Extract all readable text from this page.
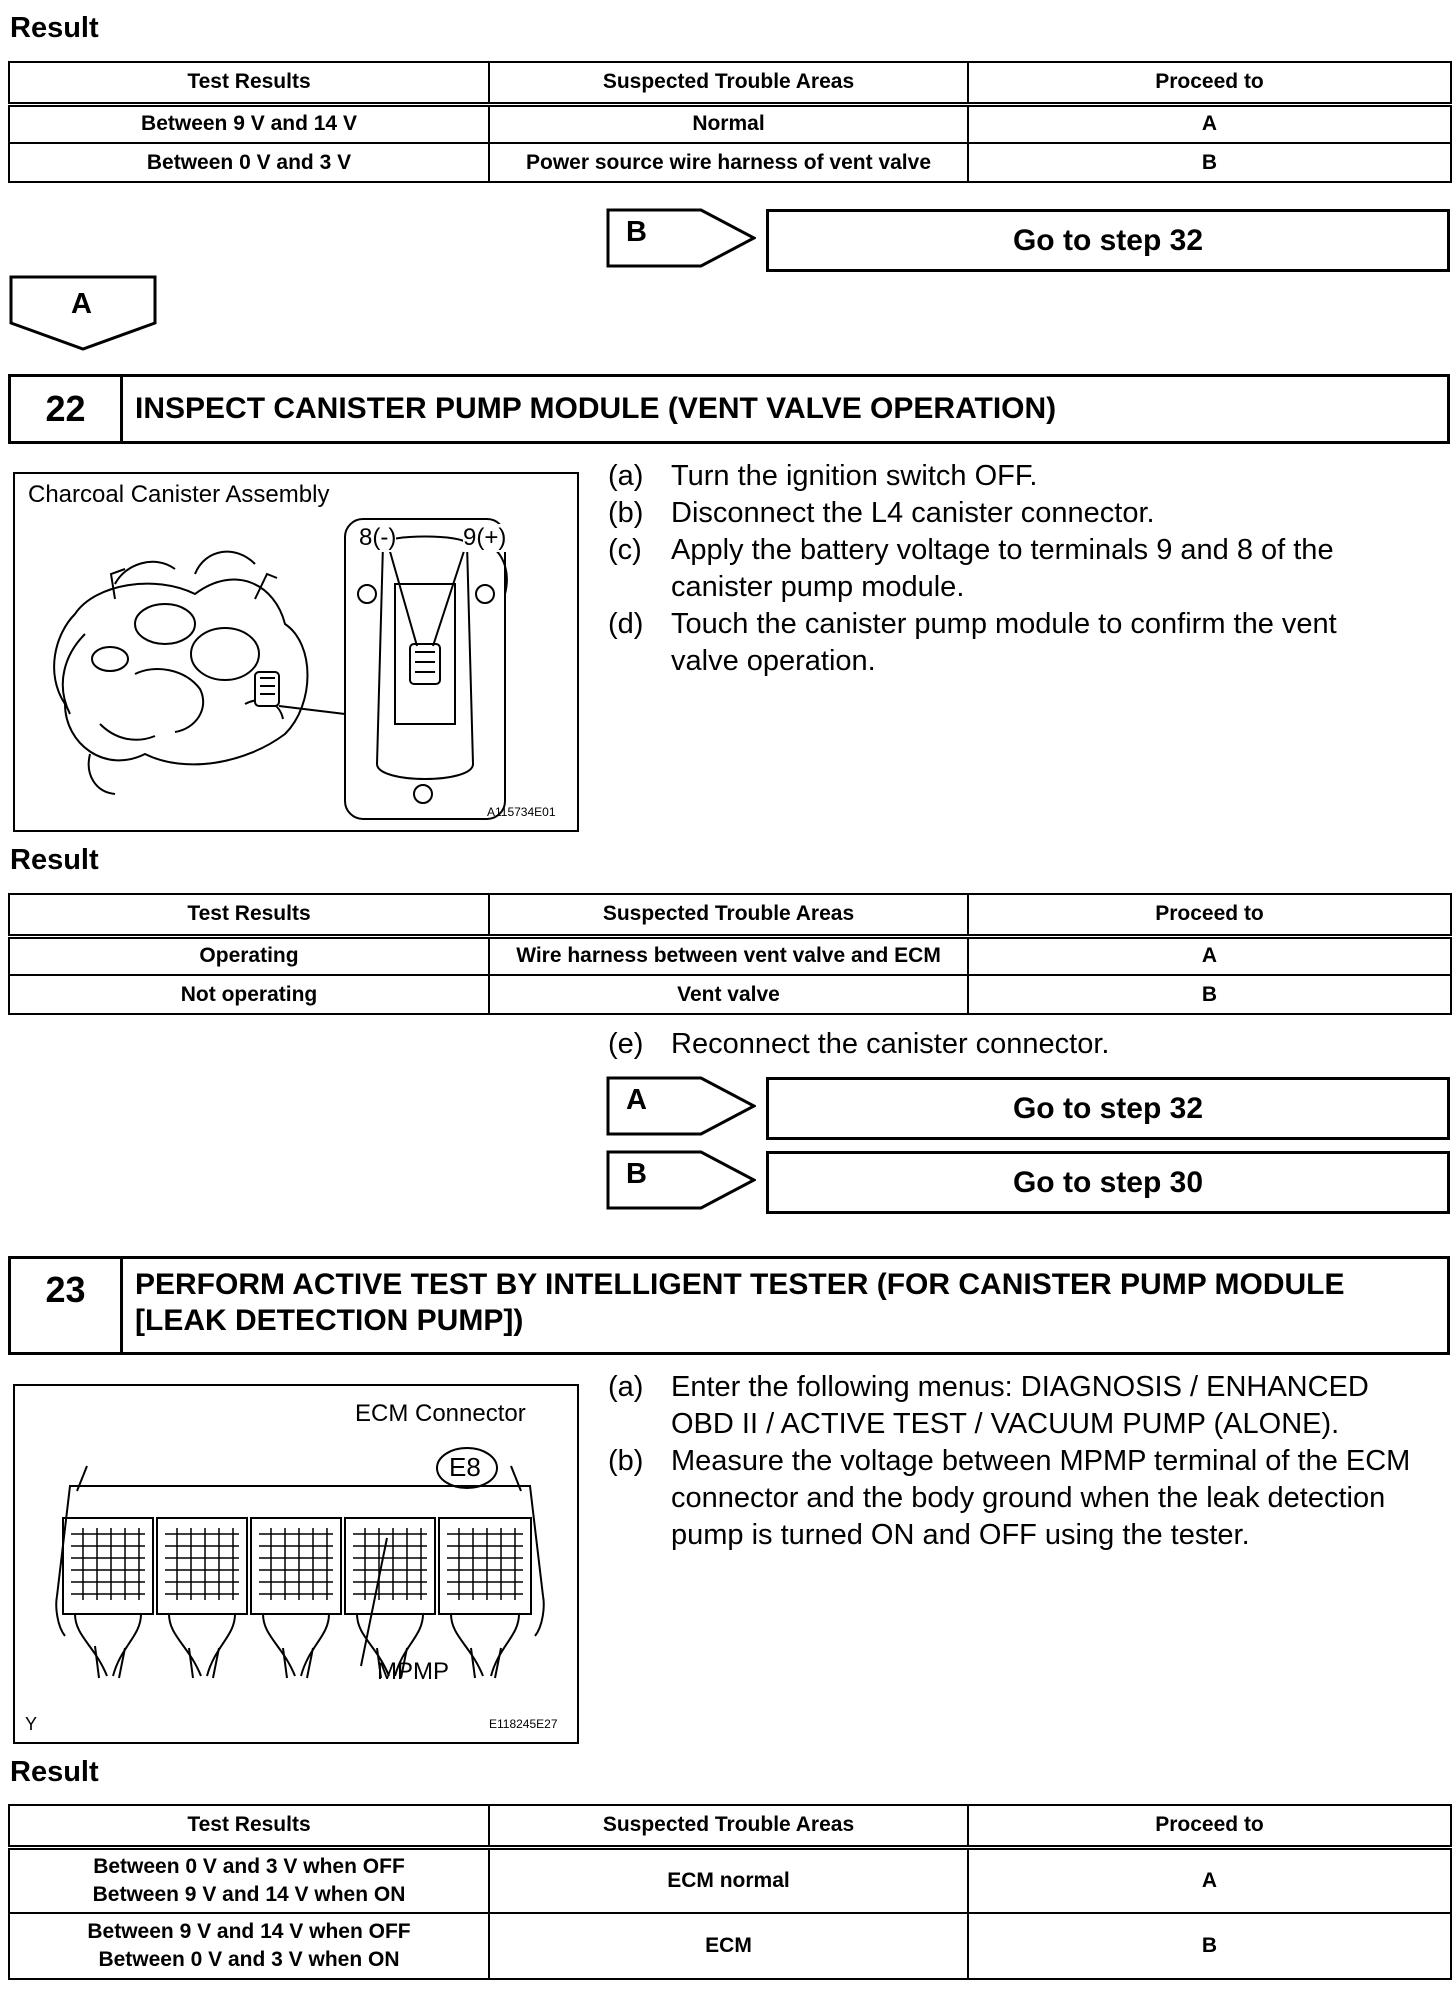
Result
Test Results	Suspected Trouble Areas	Proceed to
Between 9 V and 14 V	Normal	A
Between 0 V and 3 V	Power source wire harness of vent valve	B
B	Go to step 32
A
22	INSPECT CANISTER PUMP MODULE (VENT VALVE OPERATION)
Charcoal Canister Assembly
8(-)	9(+)
A115734E01
(a) Turn the ignition switch OFF.
(b) Disconnect the L4 canister connector.
(c)	Apply the battery voltage to terminals 9 and 8 of the canister pump module.
(d) Touch the canister pump module to confirm the vent valve operation.
Result
Test Results	Suspected Trouble Areas	Proceed to
Operating	Wire harness between vent valve and ECM	A
Not operating	Vent valve	B
(e) Reconnect the canister connector.
A	Go to step 32
B	Go to step 30
23	PERFORM ACTIVE TEST BY INTELLIGENT TESTER (FOR CANISTER PUMP MODULE [LEAK DETECTION PUMP])
ECM Connector
E8
MPMP
Y	E118245E27
(a) Enter the following menus: DIAGNOSIS / ENHANCED OBD II / ACTIVE TEST / VACUUM PUMP (ALONE).
(b) Measure the voltage between MPMP terminal of the ECM connector and the body ground when the leak detection pump is turned ON and OFF using the tester.
Result
Test Results	Suspected Trouble Areas	Proceed to

Between 0 V and 3 V when OFF
Between 9 V and 14 V when ON	ECM normal	A

Between 9 V and 14 V when OFF
Between 0 V and 3 V when ON	ECM	B
